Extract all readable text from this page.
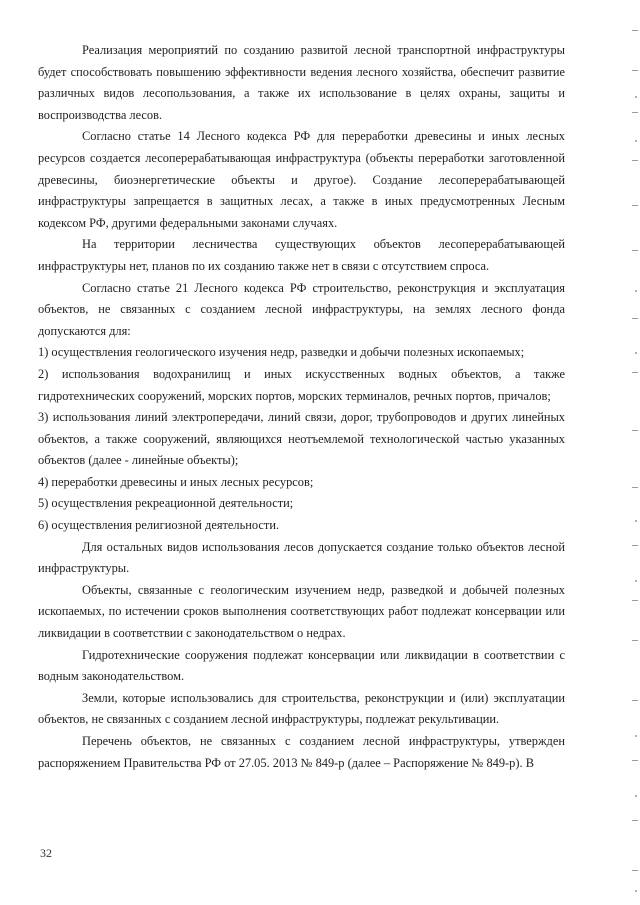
Реализация мероприятий по созданию развитой лесной транспортной инфраструктуры будет способствовать повышению эффективности ведения лесного хозяйства, обеспечит развитие различных видов лесопользования, а также их использование в целях охраны, защиты и воспроизводства лесов.

Согласно статье 14 Лесного кодекса РФ для переработки древесины и иных лесных ресурсов создается лесоперерабатывающая инфраструктура (объекты переработки заготовленной древесины, биоэнергетические объекты и другое). Создание лесоперерабатывающей инфраструктуры запрещается в защитных лесах, а также в иных предусмотренных Лесным кодексом РФ, другими федеральными законами случаях.

На территории лесничества существующих объектов лесоперерабатывающей инфраструктуры нет, планов по их созданию также нет в связи с отсутствием спроса.

Согласно статье 21 Лесного кодекса РФ строительство, реконструкция и эксплуатация объектов, не связанных с созданием лесной инфраструктуры, на землях лесного фонда допускаются для:

1) осуществления геологического изучения недр, разведки и добычи полезных ископаемых;

2) использования водохранилищ и иных искусственных водных объектов, а также гидротехнических сооружений, морских портов, морских терминалов, речных портов, причалов;

3) использования линий электропередачи, линий связи, дорог, трубопроводов и других линейных объектов, а также сооружений, являющихся неотъемлемой технологической частью указанных объектов (далее - линейные объекты);

4) переработки древесины и иных лесных ресурсов;

5) осуществления рекреационной деятельности;

6) осуществления религиозной деятельности.

Для остальных видов использования лесов допускается создание только объектов лесной инфраструктуры.

Объекты, связанные с геологическим изучением недр, разведкой и добычей полезных ископаемых, по истечении сроков выполнения соответствующих работ подлежат консервации или ликвидации в соответствии с законодательством о недрах.

Гидротехнические сооружения подлежат консервации или ликвидации в соответствии с водным законодательством.

Земли, которые использовались для строительства, реконструкции и (или) эксплуатации объектов, не связанных с созданием лесной инфраструктуры, подлежат рекультивации.

Перечень объектов, не связанных с созданием лесной инфраструктуры, утвержден распоряжением Правительства РФ от 27.05. 2013 № 849-р (далее – Распоряжение № 849-р). В

32
